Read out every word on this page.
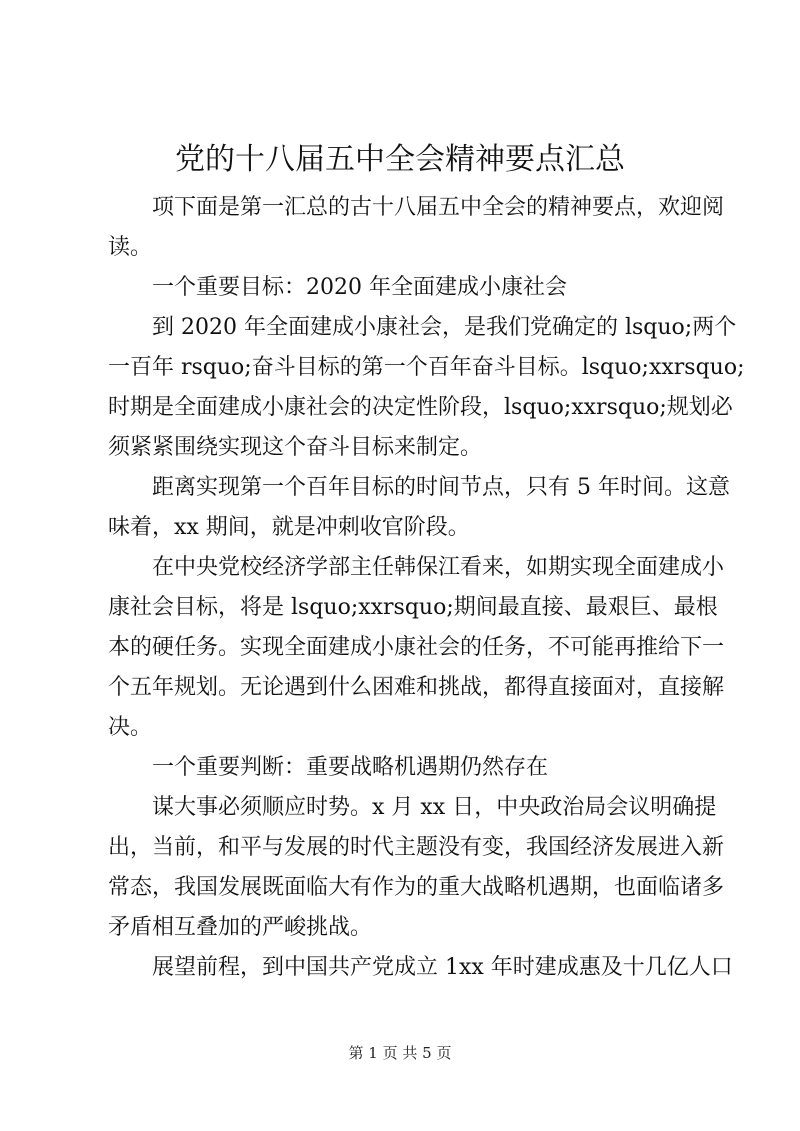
党的十八届五中全会精神要点汇总
项下面是第一汇总的古十八届五中全会的精神要点，欢迎阅
读。
一个重要目标：2020 年全面建成小康社会
到 2020 年全面建成小康社会，是我们党确定的 lsquo;两个
一百年 rsquo;奋斗目标的第一个百年奋斗目标。lsquo;xxrsquo;
时期是全面建成小康社会的决定性阶段，lsquo;xxrsquo;规划必
须紧紧围绕实现这个奋斗目标来制定。
距离实现第一个百年目标的时间节点，只有 5 年时间。这意
味着，xx 期间，就是冲刺收官阶段。
在中央党校经济学部主任韩保江看来，如期实现全面建成小
康社会目标，将是 lsquo;xxrsquo;期间最直接、最艰巨、最根
本的硬任务。实现全面建成小康社会的任务，不可能再推给下一
个五年规划。无论遇到什么困难和挑战，都得直接面对，直接解
决。
一个重要判断：重要战略机遇期仍然存在
谋大事必须顺应时势。x 月 xx 日，中央政治局会议明确提
出，当前，和平与发展的时代主题没有变，我国经济发展进入新
常态，我国发展既面临大有作为的重大战略机遇期，也面临诸多
矛盾相互叠加的严峻挑战。
展望前程，到中国共产党成立 1xx 年时建成惠及十几亿人口
第 1 页 共 5 页
